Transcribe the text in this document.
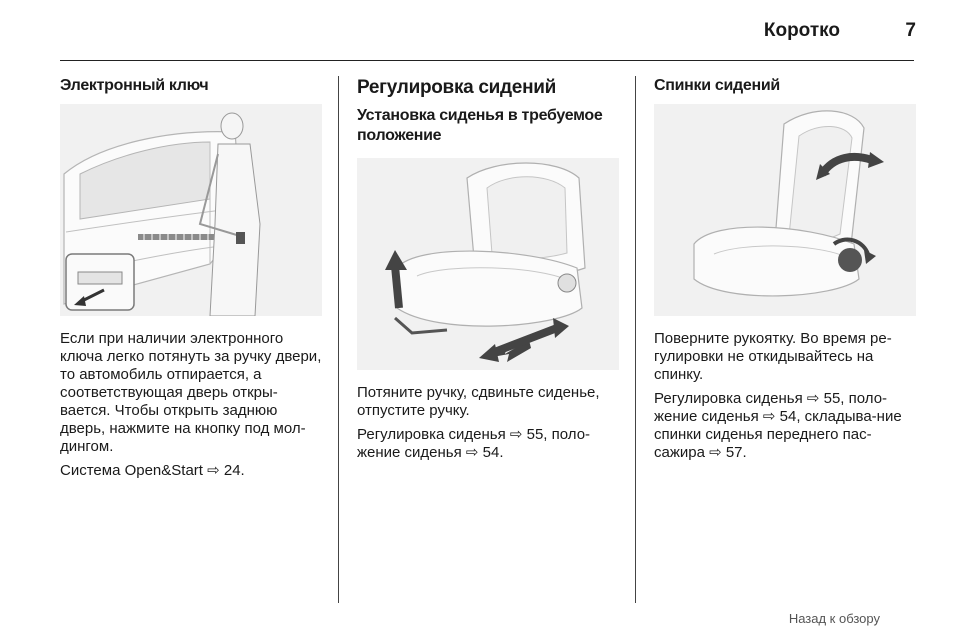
Коротко	7
Электронный ключ

Если при наличии электронного ключа легко потянуть за ручку двери, то автомобиль отпирается, а соответствующая дверь откры-вается. Чтобы открыть заднюю дверь, нажмите на кнопку под мол-дингом.

Система Open&Start ⇨ 24.

Регулировка сидений
Установка сиденья в требуемое положение

Потяните ручку, сдвиньте сиденье, отпустите ручку.

Регулировка сиденья ⇨ 55, поло-жение сиденья ⇨ 54.

Спинки сидений

Поверните рукоятку. Во время ре-гулировки не откидывайтесь на спинку.

Регулировка сиденья ⇨ 55, поло-жение сиденья ⇨ 54, складыва-ние спинки сиденья переднего пас-сажира ⇨ 57.

Назад к обзору
